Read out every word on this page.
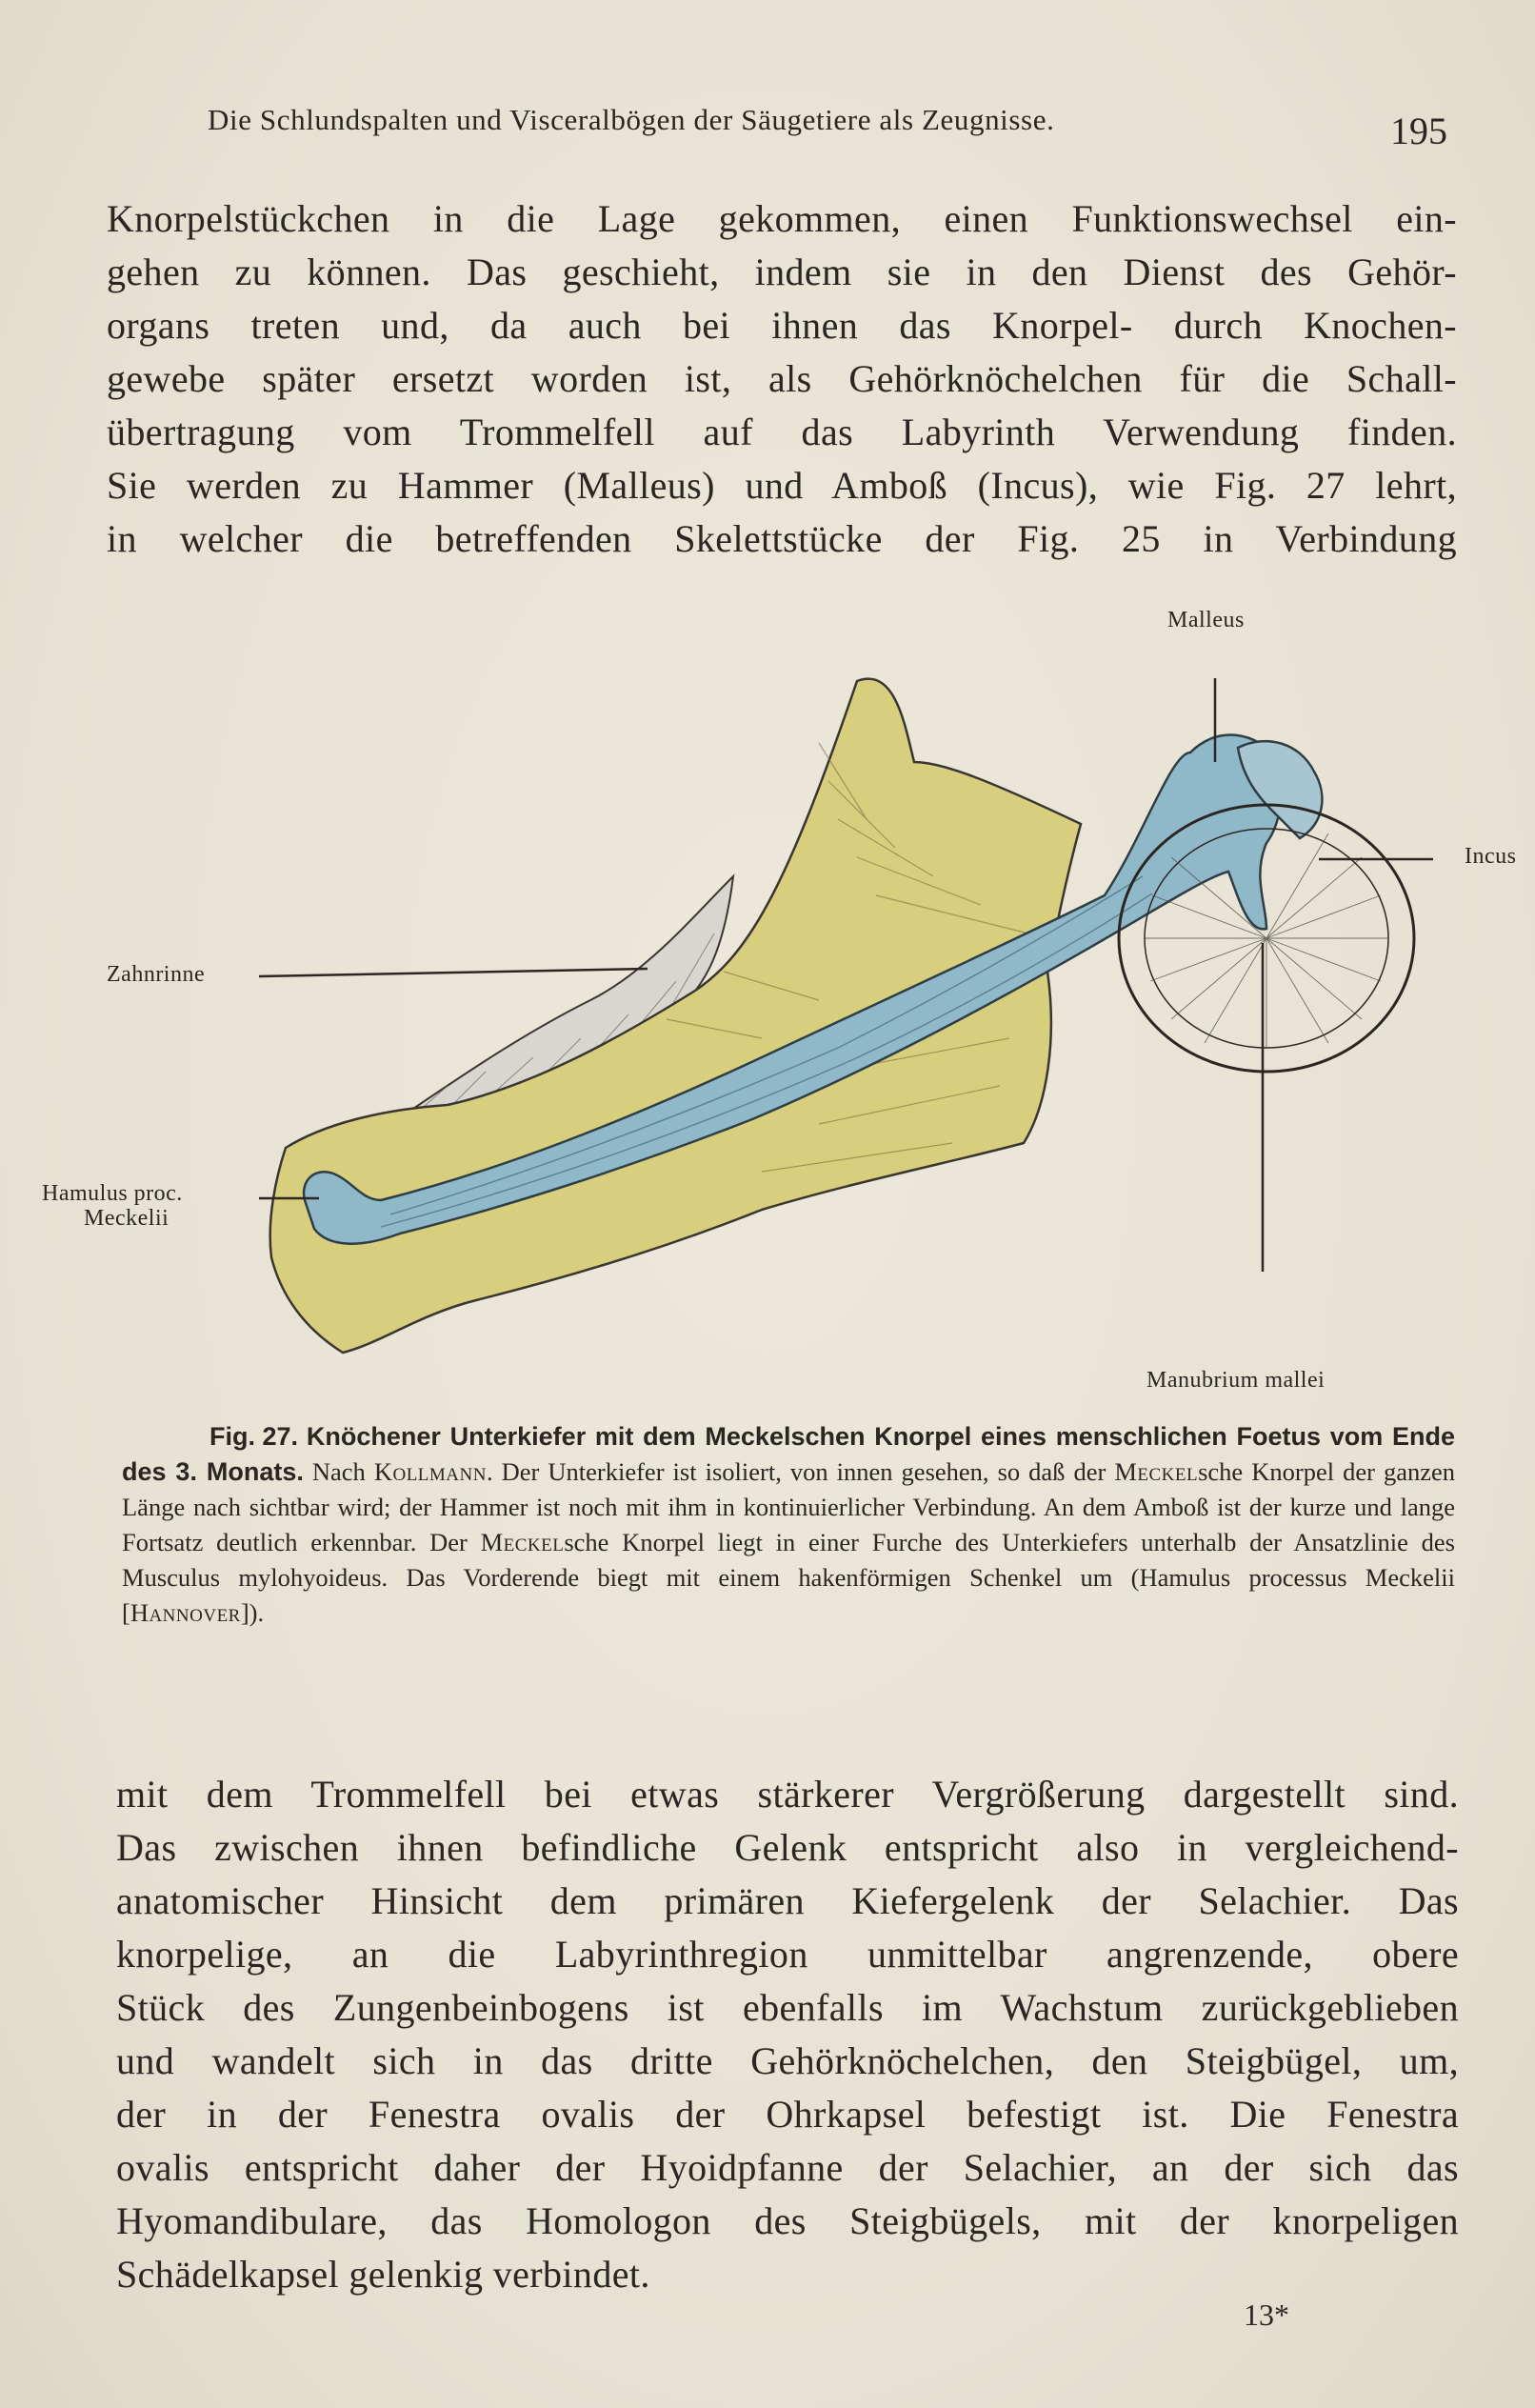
Die Schlundspalten und Visceralbögen der Säugetiere als Zeugnisse.	195
Knorpelstückchen in die Lage gekommen, einen Funktionswechsel ein-
gehen zu können. Das geschieht, indem sie in den Dienst des Gehör-
organs treten und, da auch bei ihnen das Knorpel- durch Knochen-
gewebe später ersetzt worden ist, als Gehörknöchelchen für die Schall-
übertragung vom Trommelfell auf das Labyrinth Verwendung finden.
Sie werden zu Hammer (Malleus) und Amboß (Incus), wie Fig. 27 lehrt,
in welcher die betreffenden Skelettstücke der Fig. 25 in Verbindung
Malleus
Incus
Zahnrinne
Hamulus proc.
Meckelii
Manubrium mallei
Fig. 27. Knöchener Unterkiefer mit dem Meckelschen Knorpel eines menschlichen Foetus vom Ende des 3. Monats. Nach Kollmann. Der Unterkiefer ist isoliert, von innen gesehen, so daß der Meckelsche Knorpel der ganzen Länge nach sichtbar wird; der Hammer ist noch mit ihm in kontinuierlicher Verbindung. An dem Amboß ist der kurze und lange Fortsatz deutlich erkennbar. Der Meckelsche Knorpel liegt in einer Furche des Unterkiefers unterhalb der Ansatzlinie des Musculus mylohyoideus. Das Vorderende biegt mit einem hakenförmigen Schenkel um (Hamulus processus Meckelii [Hannover]).
mit dem Trommelfell bei etwas stärkerer Vergrößerung dargestellt sind.
Das zwischen ihnen befindliche Gelenk entspricht also in vergleichend-
anatomischer Hinsicht dem primären Kiefergelenk der Selachier. Das
knorpelige, an die Labyrinthregion unmittelbar angrenzende, obere
Stück des Zungenbeinbogens ist ebenfalls im Wachstum zurückgeblieben
und wandelt sich in das dritte Gehörknöchelchen, den Steigbügel, um,
der in der Fenestra ovalis der Ohrkapsel befestigt ist. Die Fenestra
ovalis entspricht daher der Hyoidpfanne der Selachier, an der sich das
Hyomandibulare, das Homologon des Steigbügels, mit der knorpeligen
Schädelkapsel gelenkig verbindet.
13*
